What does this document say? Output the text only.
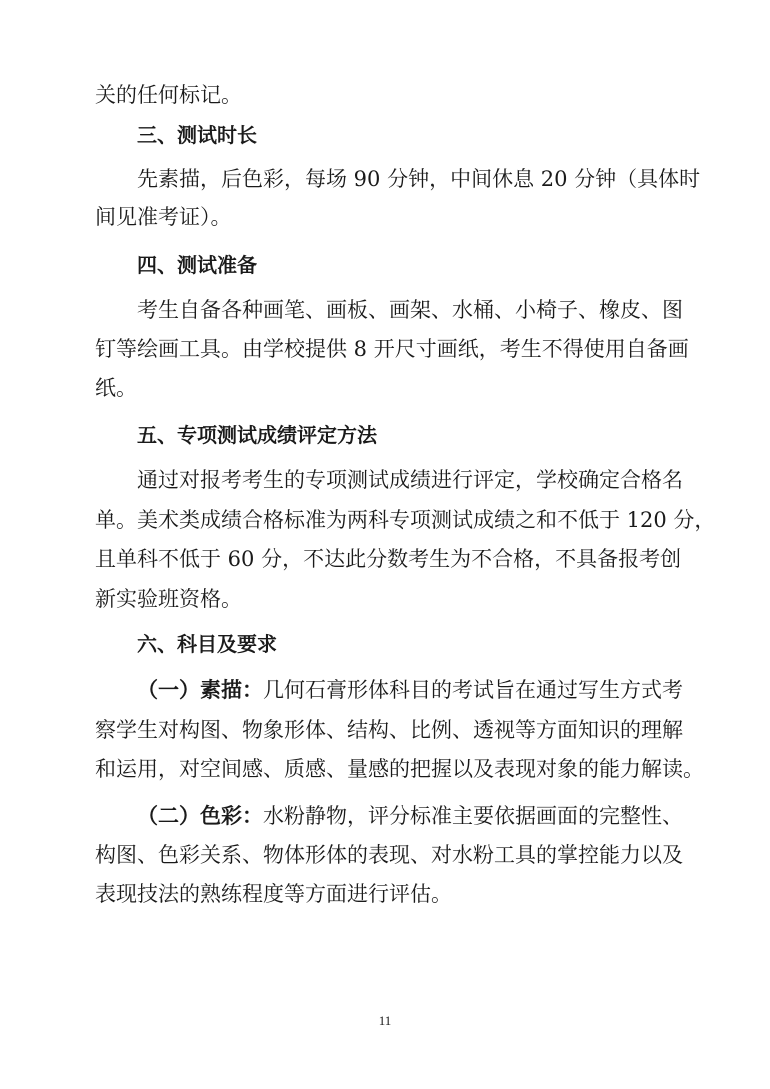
关的任何标记。
三、测试时长
先素描，后色彩，每场 90 分钟，中间休息 20 分钟（具体时
间见准考证）。
四、测试准备
考生自备各种画笔、画板、画架、水桶、小椅子、橡皮、图
钉等绘画工具。由学校提供 8 开尺寸画纸，考生不得使用自备画
纸。
五、专项测试成绩评定方法
通过对报考考生的专项测试成绩进行评定，学校确定合格名
单。美术类成绩合格标准为两科专项测试成绩之和不低于 120 分，
且单科不低于 60 分，不达此分数考生为不合格，不具备报考创
新实验班资格。
六、科目及要求
（一）素描：几何石膏形体科目的考试旨在通过写生方式考
察学生对构图、物象形体、结构、比例、透视等方面知识的理解
和运用，对空间感、质感、量感的把握以及表现对象的能力解读。
（二）色彩：水粉静物，评分标准主要依据画面的完整性、
构图、色彩关系、物体形体的表现、对水粉工具的掌控能力以及
表现技法的熟练程度等方面进行评估。
11
